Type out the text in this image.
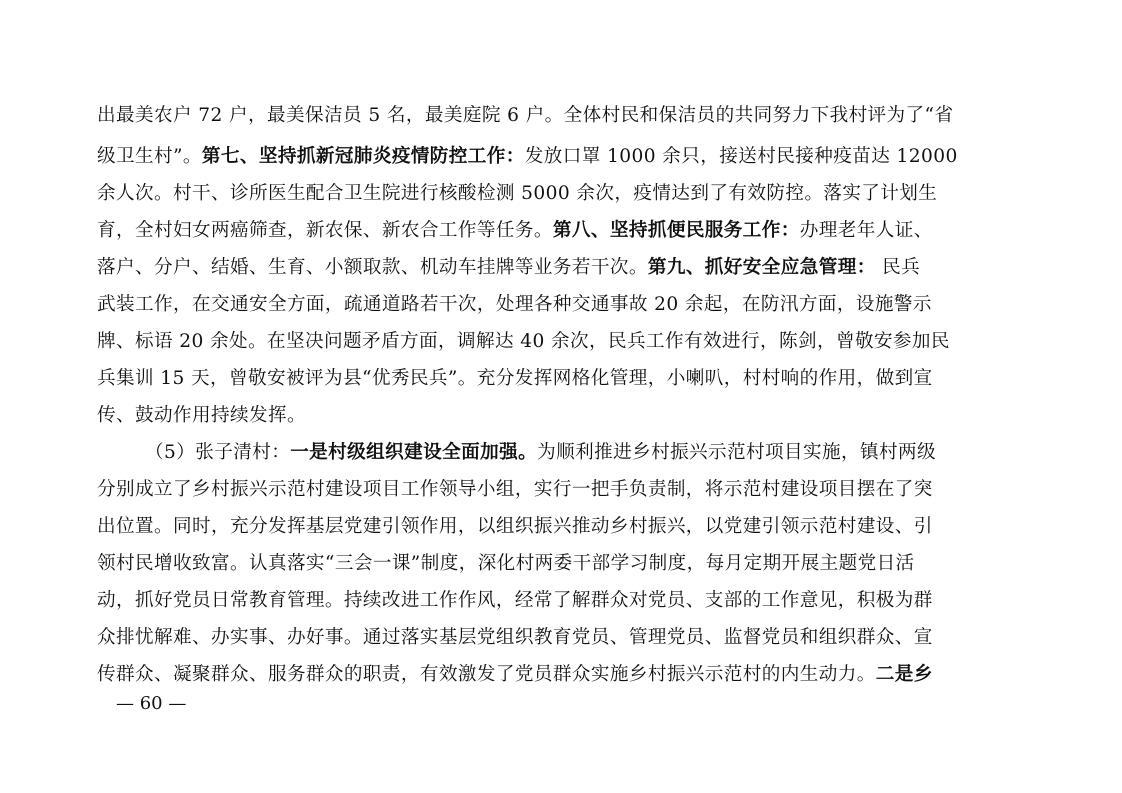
出最美农户 72 户，最美保洁员 5 名，最美庭院 6 户。全体村民和保洁员的共同努力下我村评为了“省
级卫生村”。第七、坚持抓新冠肺炎疫情防控工作：发放口罩 1000 余只，接送村民接种疫苗达 12000
余人次。村干、诊所医生配合卫生院进行核酸检测 5000 余次，疫情达到了有效防控。落实了计划生
育，全村妇女两癌筛查，新农保、新农合工作等任务。第八、坚持抓便民服务工作：办理老年人证、
落户、分户、结婚、生育、小额取款、机动车挂牌等业务若干次。第九、抓好安全应急管理： 民兵
武装工作，在交通安全方面，疏通道路若干次，处理各种交通事故 20 余起，在防汛方面，设施警示
牌、标语 20 余处。在坚决问题矛盾方面，调解达 40 余次，民兵工作有效进行，陈剑，曾敬安参加民
兵集训 15 天，曾敬安被评为县“优秀民兵”。充分发挥网格化管理，小喇叭，村村响的作用，做到宣
传、鼓动作用持续发挥。
（5）张子清村：一是村级组织建设全面加强。为顺利推进乡村振兴示范村项目实施，镇村两级
分别成立了乡村振兴示范村建设项目工作领导小组，实行一把手负责制，将示范村建设项目摆在了突
出位置。同时，充分发挥基层党建引领作用，以组织振兴推动乡村振兴，以党建引领示范村建设、引
领村民增收致富。认真落实“三会一课”制度，深化村两委干部学习制度，每月定期开展主题党日活
动，抓好党员日常教育管理。持续改进工作作风，经常了解群众对党员、支部的工作意见，积极为群
众排忧解难、办实事、办好事。通过落实基层党组织教育党员、管理党员、监督党员和组织群众、宣
传群众、凝聚群众、服务群众的职责，有效激发了党员群众实施乡村振兴示范村的内生动力。二是乡
— 60 —
